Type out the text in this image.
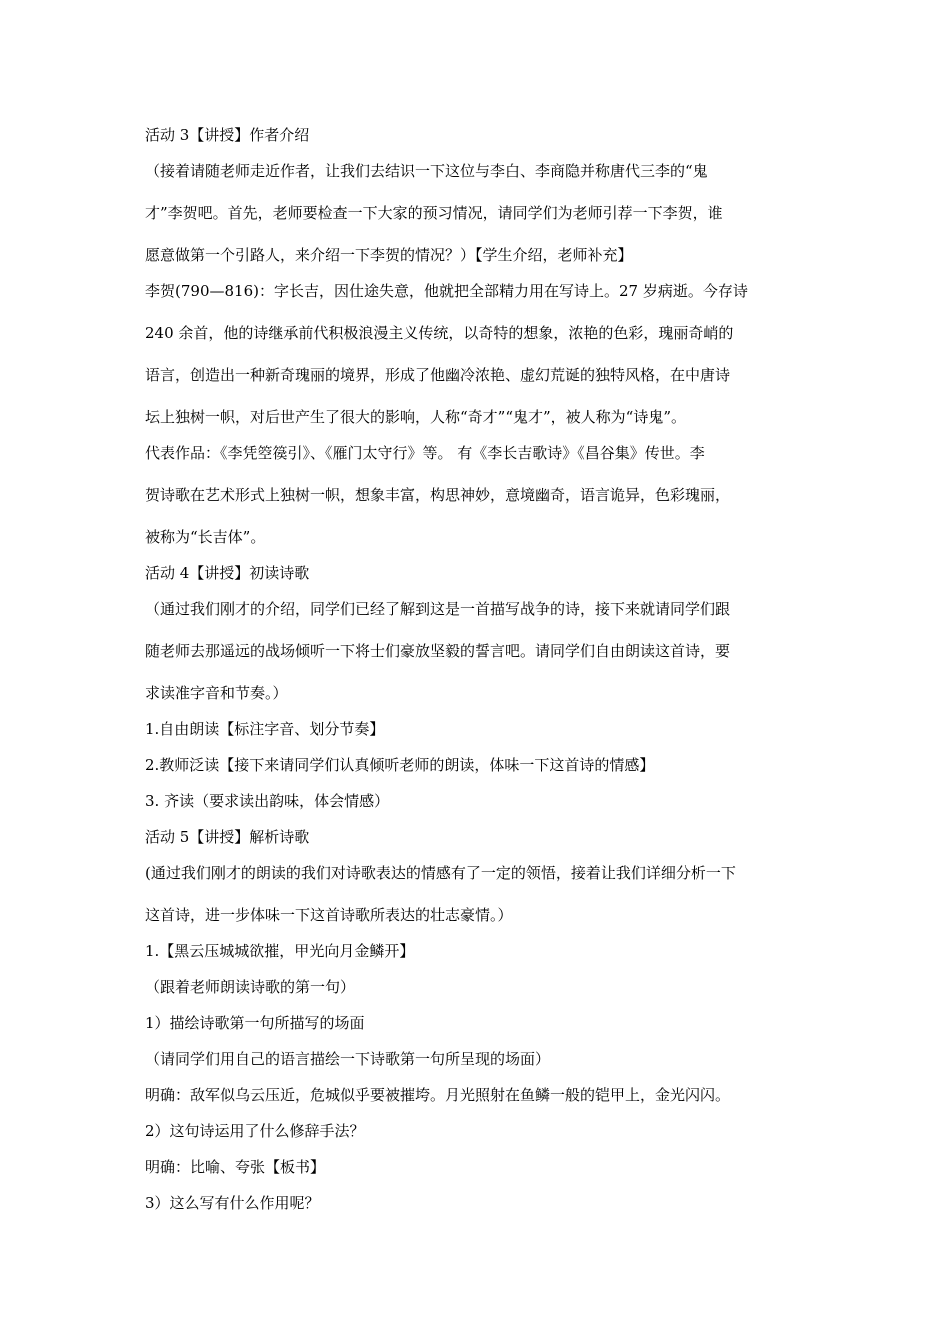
活动 3【讲授】作者介绍
（接着请随老师走近作者，让我们去结识一下这位与李白、李商隐并称唐代三李的“鬼
才”李贺吧。首先，老师要检查一下大家的预习情况，请同学们为老师引荐一下李贺，谁
愿意做第一个引路人，来介绍一下李贺的情况？）【学生介绍，老师补充】
李贺(790—816)：字长吉，因仕途失意，他就把全部精力用在写诗上。27 岁病逝。今存诗
240 余首，他的诗继承前代积极浪漫主义传统，以奇特的想象，浓艳的色彩，瑰丽奇峭的
语言，创造出一种新奇瑰丽的境界，形成了他幽冷浓艳、虚幻荒诞的独特风格，在中唐诗
坛上独树一帜，对后世产生了很大的影响，人称“奇才”“鬼才”，被人称为“诗鬼”。
代表作品：《李凭箜篌引》、《雁门太守行》等。 有《李长吉歌诗》《昌谷集》传世。李
贺诗歌在艺术形式上独树一帜，想象丰富，构思神妙，意境幽奇，语言诡异，色彩瑰丽，
被称为“长吉体”。
活动 4【讲授】初读诗歌
（通过我们刚才的介绍，同学们已经了解到这是一首描写战争的诗，接下来就请同学们跟
随老师去那遥远的战场倾听一下将士们豪放坚毅的誓言吧。请同学们自由朗读这首诗，要
求读准字音和节奏。）
1.自由朗读【标注字音、划分节奏】
2.教师泛读【接下来请同学们认真倾听老师的朗读，体味一下这首诗的情感】
3. 齐读（要求读出韵味，体会情感）
活动 5【讲授】解析诗歌
(通过我们刚才的朗读的我们对诗歌表达的情感有了一定的领悟，接着让我们详细分析一下
这首诗，进一步体味一下这首诗歌所表达的壮志豪情。）
1.【黑云压城城欲摧，甲光向月金鳞开】
（跟着老师朗读诗歌的第一句）
1）描绘诗歌第一句所描写的场面
（请同学们用自己的语言描绘一下诗歌第一句所呈现的场面）
明确：敌军似乌云压近，危城似乎要被摧垮。月光照射在鱼鳞一般的铠甲上，金光闪闪。
2）这句诗运用了什么修辞手法？
明确：比喻、夸张【板书】
3）这么写有什么作用呢？
